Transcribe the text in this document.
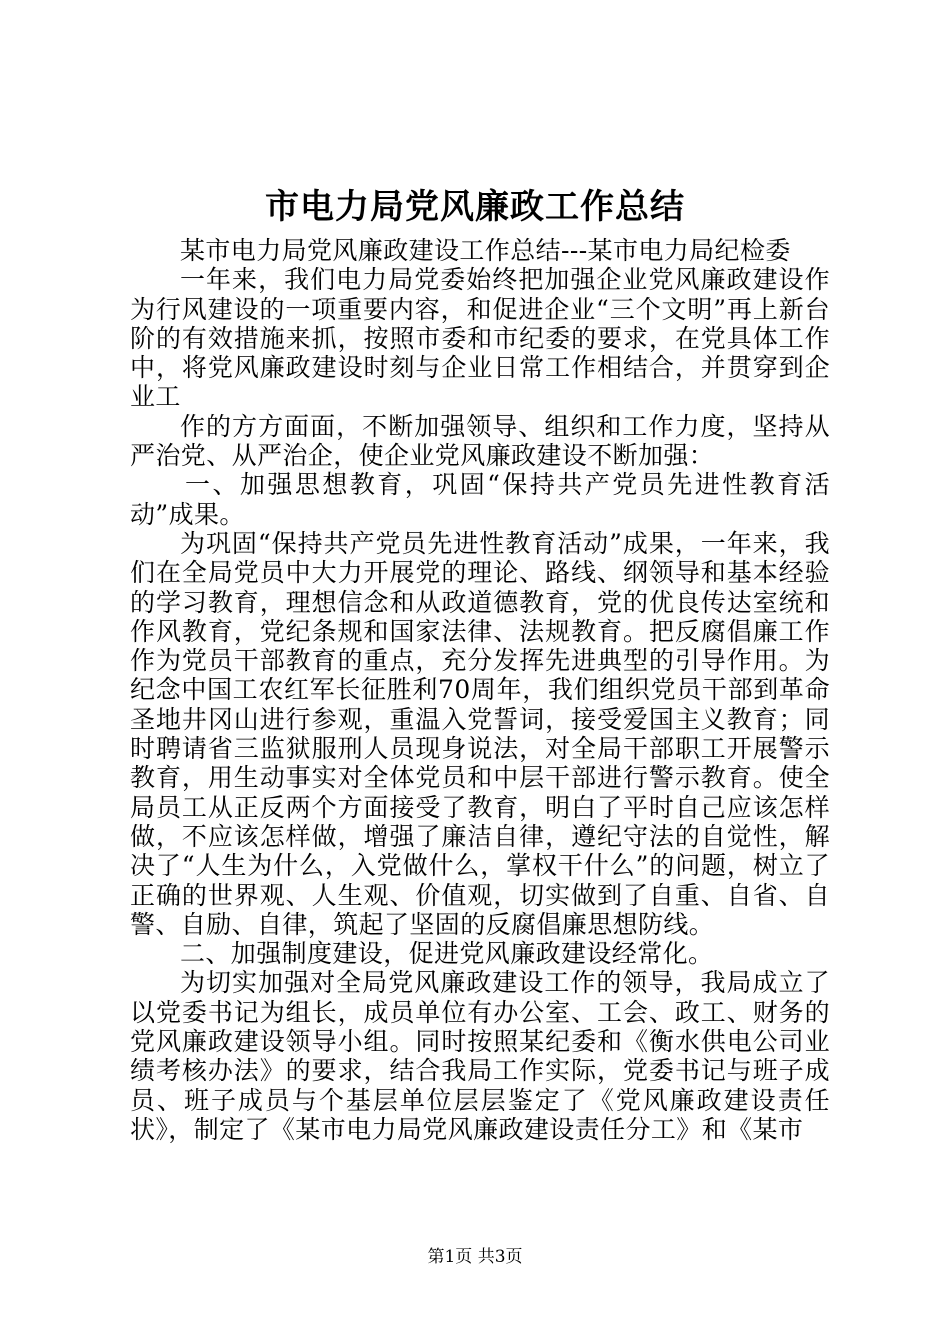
市电力局党风廉政工作总结

某市电力局党风廉政建设工作总结---某市电力局纪检委

一年来，我们电力局党委始终把加强企业党风廉政建设作为行风建设的一项重要内容，和促进企业“三个文明”再上新台阶的有效措施来抓，按照市委和市纪委的要求，在党具体工作中，将党风廉政建设时刻与企业日常工作相结合，并贯穿到企业工

作的方方面面，不断加强领导、组织和工作力度，坚持从严治党、从严治企，使企业党风廉政建设不断加强：

一、加强思想教育，巩固“保持共产党员先进性教育活动”成果。

为巩固“保持共产党员先进性教育活动”成果，一年来，我们在全局党员中大力开展党的理论、路线、纲领导和基本经验的学习教育，理想信念和从政道德教育，党的优良传达室统和作风教育，党纪条规和国家法律、法规教育。把反腐倡廉工作作为党员干部教育的重点，充分发挥先进典型的引导作用。为纪念中国工农红军长征胜利70周年，我们组织党员干部到革命圣地井冈山进行参观，重温入党誓词，接受爱国主义教育；同时聘请省三监狱服刑人员现身说法，对全局干部职工开展警示教育，用生动事实对全体党员和中层干部进行警示教育。使全局员工从正反两个方面接受了教育，明白了平时自己应该怎样做，不应该怎样做，增强了廉洁自律，遵纪守法的自觉性，解决了“人生为什么，入党做什么，掌权干什么”的问题，树立了正确的世界观、人生观、价值观，切实做到了自重、自省、自警、自励、自律，筑起了坚固的反腐倡廉思想防线。

二、加强制度建设，促进党风廉政建设经常化。

为切实加强对全局党风廉政建设工作的领导，我局成立了以党委书记为组长，成员单位有办公室、工会、政工、财务的党风廉政建设领导小组。同时按照某纪委和《衡水供电公司业绩考核办法》的要求，结合我局工作实际，党委书记与班子成员、班子成员与个基层单位层层鉴定了《党风廉政建设责任状》，制定了《某市电力局党风廉政建设责任分工》和《某市

第1页 共3页
